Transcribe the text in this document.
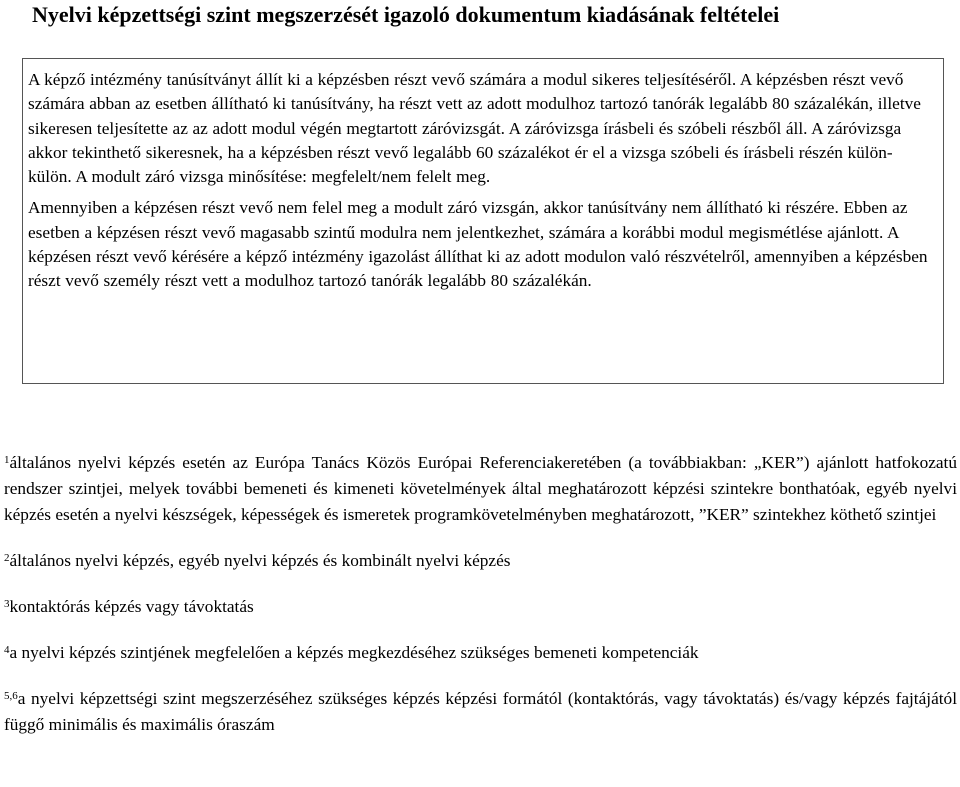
Nyelvi képzettségi szint megszerzését igazoló dokumentum kiadásának feltételei

A képző intézmény tanúsítványt állít ki a képzésben részt vevő számára a modul sikeres teljesítéséről. A képzésben részt vevő számára abban az esetben állítható ki tanúsítvány, ha részt vett az adott modulhoz tartozó tanórák legalább 80 százalékán, illetve sikeresen teljesítette az az adott modul végén megtartott záróvizsgát. A záróvizsga írásbeli és szóbeli részből áll. A záróvizsga akkor tekinthető sikeresnek, ha a képzésben részt vevő legalább 60 százalékot ér el a vizsga szóbeli és írásbeli részén külön-külön. A modult záró vizsga minősítése: megfelelt/nem felelt meg.

Amennyiben a képzésen részt vevő nem felel meg a modult záró vizsgán, akkor tanúsítvány nem állítható ki részére. Ebben az esetben a képzésen részt vevő magasabb szintű modulra nem jelentkezhet, számára a korábbi modul megismétlése ajánlott. A képzésen részt vevő kérésére a képző intézmény igazolást állíthat ki az adott modulon való részvételről, amennyiben a képzésben részt vevő személy részt vett a modulhoz tartozó tanórák legalább 80 százalékán.

$^1$általános nyelvi képzés esetén az Európa Tanács Közös Európai Referenciakeretében (a továbbiakban: „KER”) ajánlott hatfokozatú rendszer szintjei, melyek további bemeneti és kimeneti követelmények által meghatározott képzési szintekre bonthatóak, egyéb nyelvi képzés esetén a nyelvi készségek, képességek és ismeretek programkövetelményben meghatározott, ”KER” szintekhez köthető szintjei

$^2$általános nyelvi képzés, egyéb nyelvi képzés és kombinált nyelvi képzés

$^3$kontaktórás képzés vagy távoktatás

$^4$a nyelvi képzés szintjének megfelelően a képzés megkezdéséhez szükséges bemeneti kompetenciák

$^{5,6}$a nyelvi képzettségi szint megszerzéséhez szükséges képzés képzési formától (kontaktórás, vagy távoktatás) és/vagy képzés fajtájától függő minimális és maximális óraszám
